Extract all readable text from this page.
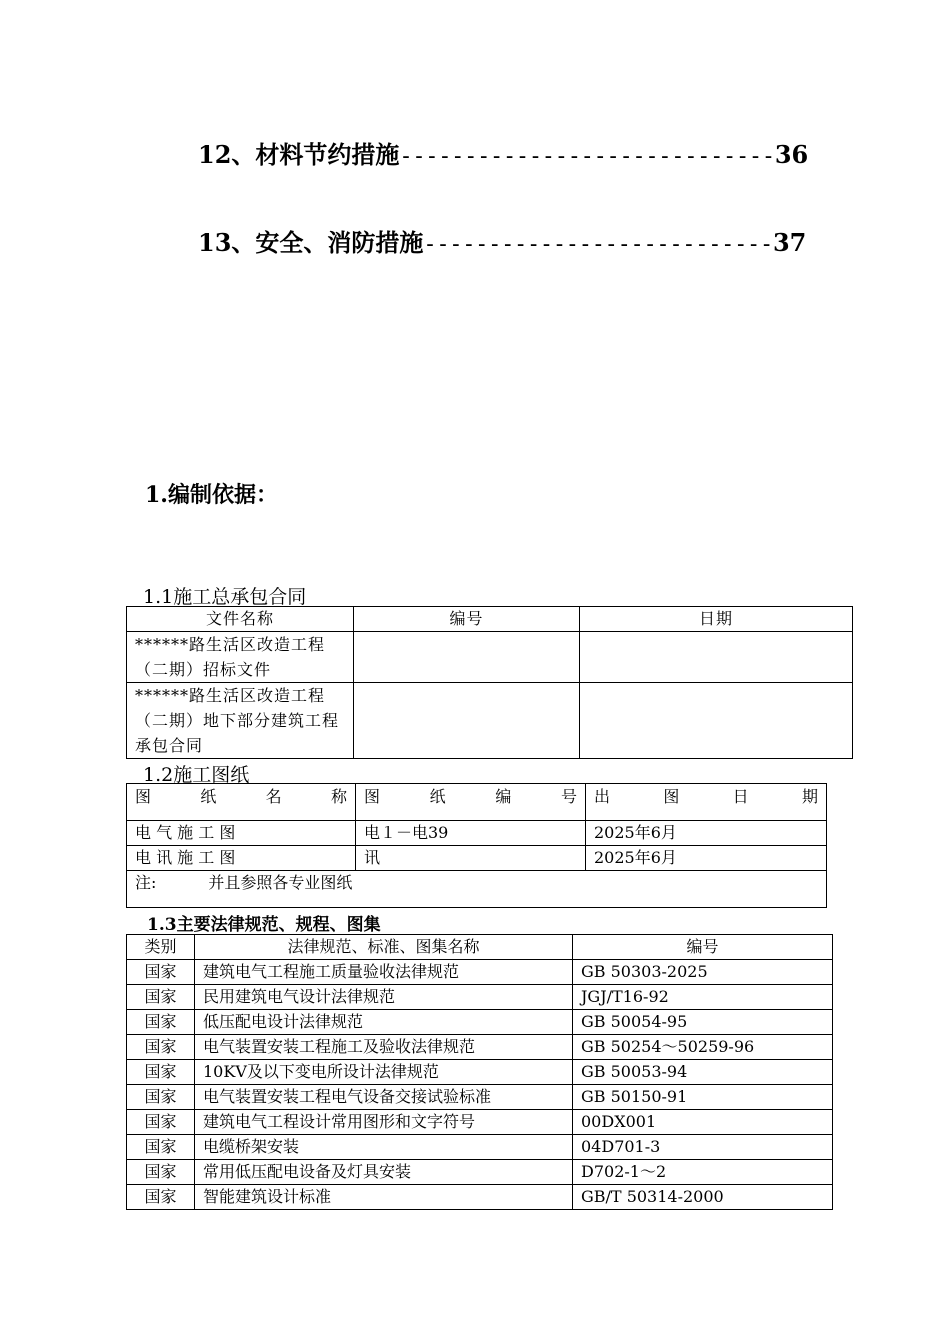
12、材料节约措施-----------------------------36
13、安全、消防措施---------------------------37
1.编制依据：
1.1施工总承包合同
文件名称	编号	日期
******路生活区改造工程（二期）招标文件		
******路生活区改造工程（二期）地下部分建筑工程承包合同		
1.2施工图纸
图 纸 名 称	图 纸 编 号	出 图 日 期

电 气 施 工 图	电１－电39	2025年6月
电 讯 施 工 图	讯	2025年6月
注: 并且参照各专业图纸		
1.3主要法律规范、规程、图集
类别	法律规范、标准、图集名称	编号
国家	建筑电气工程施工质量验收法律规范	GB 50303-2025
国家	民用建筑电气设计法律规范	JGJ/T16-92
国家	低压配电设计法律规范	GB 50054-95
国家	电气装置安装工程施工及验收法律规范	GB 50254～50259-96
国家	10KV及以下变电所设计法律规范	GB 50053-94
国家	电气装置安装工程电气设备交接试验标准	GB 50150-91
国家	建筑电气工程设计常用图形和文字符号	00DX001
国家	电缆桥架安装	04D701-3
国家	常用低压配电设备及灯具安装	D702-1～2
国家	智能建筑设计标准	GB/T 50314-2000
